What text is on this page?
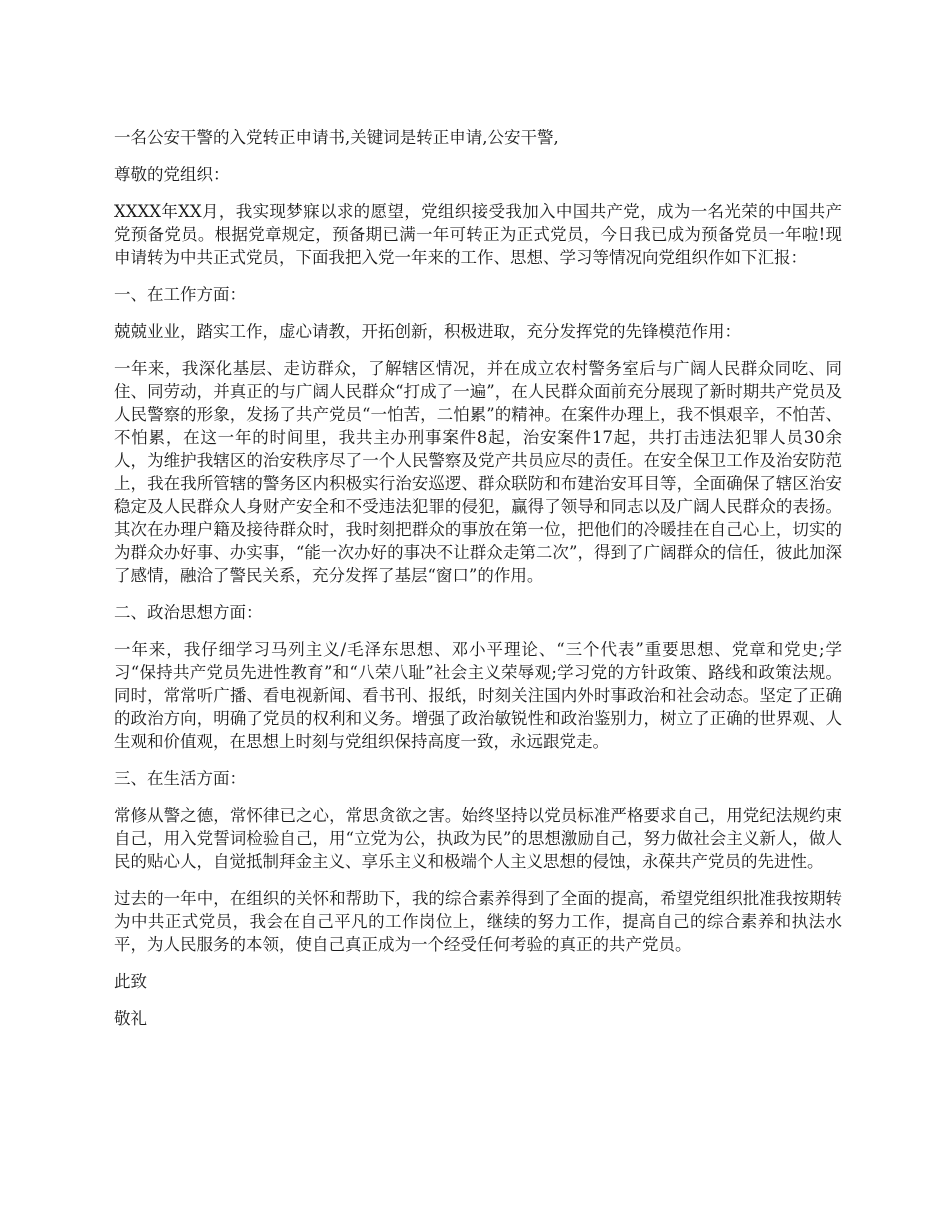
一名公安干警的入党转正申请书,关键词是转正申请,公安干警,

尊敬的党组织：

XXXX年XX月，我实现梦寐以求的愿望，党组织接受我加入中国共产党，成为一名光荣的中国共产党预备党员。根据党章规定，预备期已满一年可转正为正式党员，今日我已成为预备党员一年啦!现申请转为中共正式党员，下面我把入党一年来的工作、思想、学习等情况向党组织作如下汇报：

一、在工作方面：

兢兢业业，踏实工作，虚心请教，开拓创新，积极进取，充分发挥党的先锋模范作用：

一年来，我深化基层、走访群众，了解辖区情况，并在成立农村警务室后与广阔人民群众同吃、同住、同劳动，并真正的与广阔人民群众“打成了一遍”，在人民群众面前充分展现了新时期共产党员及人民警察的形象，发扬了共产党员“一怕苦，二怕累”的精神。在案件办理上，我不惧艰辛，不怕苦、不怕累，在这一年的时间里，我共主办刑事案件8起，治安案件17起，共打击违法犯罪人员30余人，为维护我辖区的治安秩序尽了一个人民警察及党产共员应尽的责任。在安全保卫工作及治安防范上，我在我所管辖的警务区内积极实行治安巡逻、群众联防和布建治安耳目等，全面确保了辖区治安稳定及人民群众人身财产安全和不受违法犯罪的侵犯，赢得了领导和同志以及广阔人民群众的表扬。其次在办理户籍及接待群众时，我时刻把群众的事放在第一位，把他们的冷暖挂在自己心上，切实的为群众办好事、办实事，“能一次办好的事决不让群众走第二次”，得到了广阔群众的信任，彼此加深了感情，融洽了警民关系，充分发挥了基层“窗口”的作用。

二、政治思想方面：

一年来，我仔细学习马列主义/毛泽东思想、邓小平理论、“三个代表”重要思想、党章和党史;学习“保持共产党员先进性教育”和“八荣八耻”社会主义荣辱观;学习党的方针政策、路线和政策法规。同时，常常听广播、看电视新闻、看书刊、报纸，时刻关注国内外时事政治和社会动态。坚定了正确的政治方向，明确了党员的权利和义务。增强了政治敏锐性和政治鉴别力，树立了正确的世界观、人生观和价值观，在思想上时刻与党组织保持高度一致，永远跟党走。

三、在生活方面：

常修从警之德，常怀律已之心，常思贪欲之害。始终坚持以党员标准严格要求自己，用党纪法规约束自己，用入党誓词检验自己，用“立党为公，执政为民”的思想激励自己，努力做社会主义新人，做人民的贴心人，自觉抵制拜金主义、享乐主义和极端个人主义思想的侵蚀，永葆共产党员的先进性。

过去的一年中，在组织的关怀和帮助下，我的综合素养得到了全面的提高，希望党组织批准我按期转为中共正式党员，我会在自己平凡的工作岗位上，继续的努力工作，提高自己的综合素养和执法水平，为人民服务的本领，使自己真正成为一个经受任何考验的真正的共产党员。

此致

敬礼
